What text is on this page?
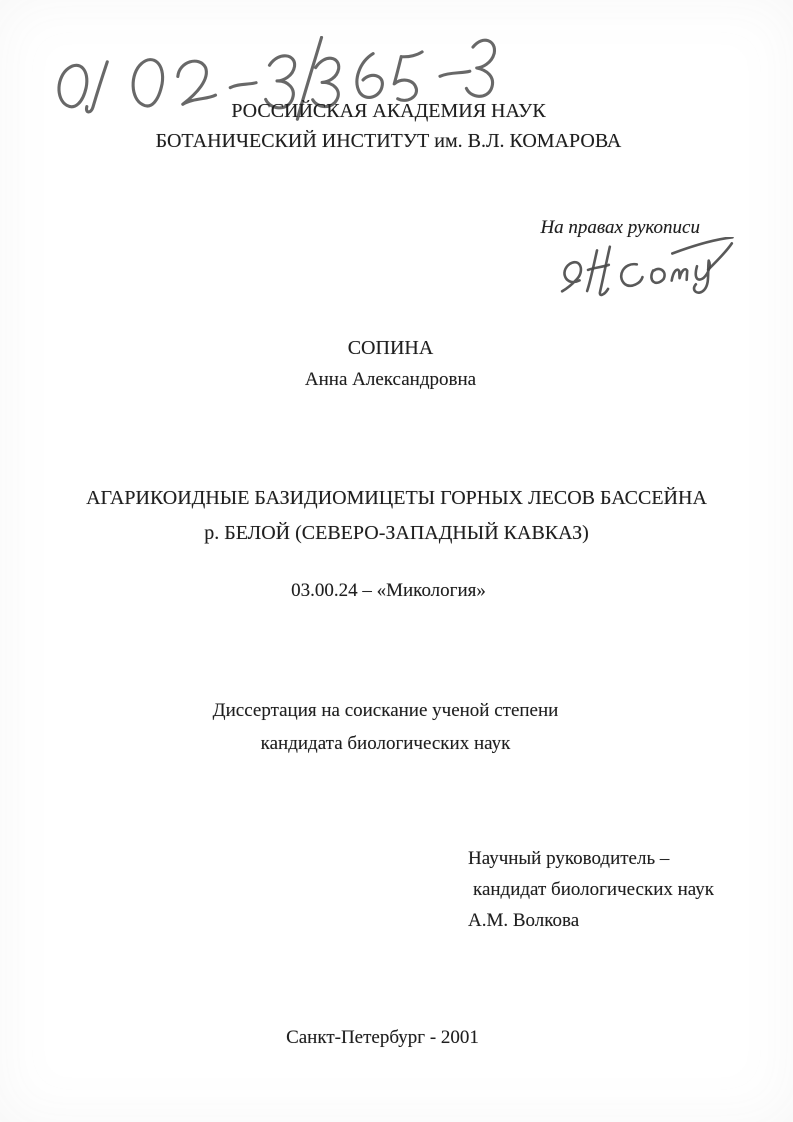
РОССИЙСКАЯ АКАДЕМИЯ НАУК
БОТАНИЧЕСКИЙ ИНСТИТУТ им. В.Л. КОМАРОВА
На правах рукописи
СОПИНА
Анна Александровна
АГАРИКОИДНЫЕ БАЗИДИОМИЦЕТЫ ГОРНЫХ ЛЕСОВ БАССЕЙНА
р. БЕЛОЙ (СЕВЕРО-ЗАПАДНЫЙ КАВКАЗ)
03.00.24 – «Микология»
Диссертация на соискание ученой степени
кандидата биологических наук
Научный руководитель –
кандидат биологических наук
А.М. Волкова
Санкт-Петербург - 2001
